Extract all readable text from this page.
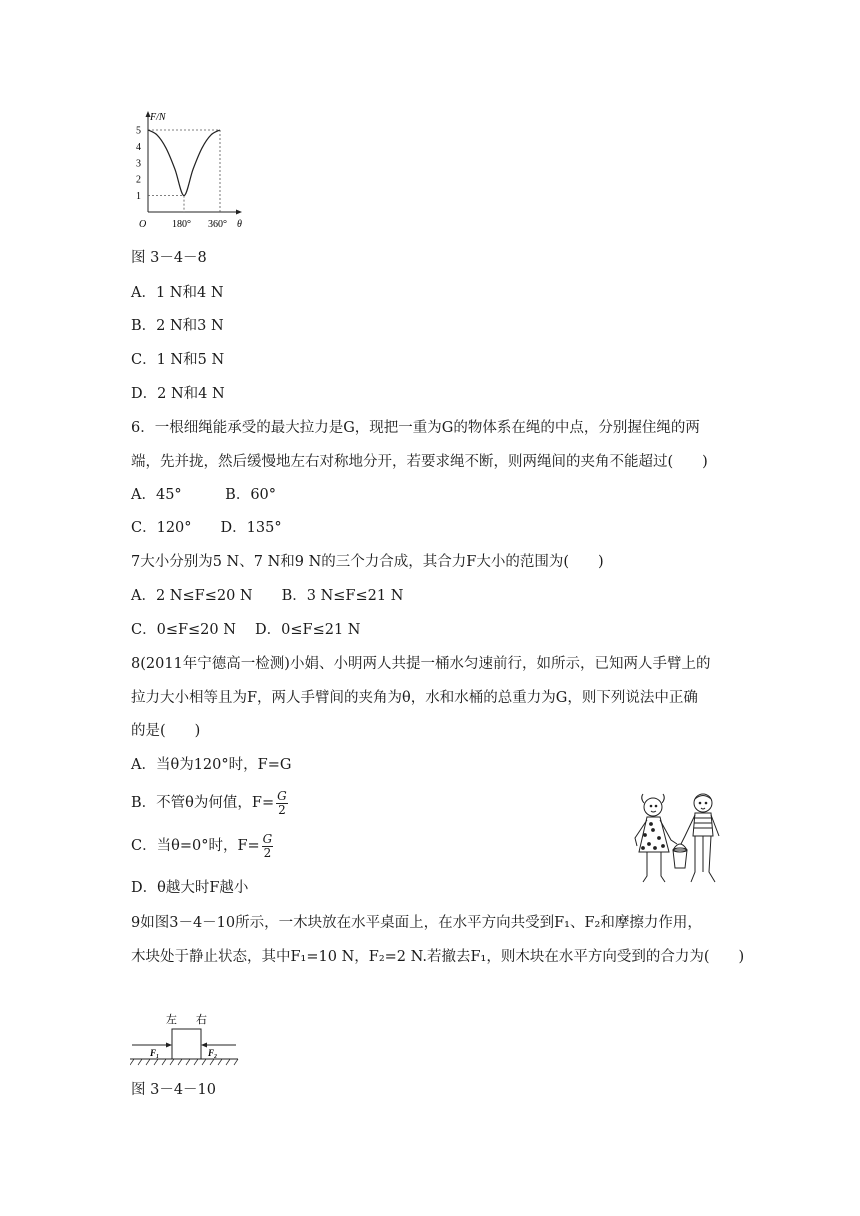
1
2
3
4
5
F/N
O	180° 360° θ
图 3－4－8
A．1 N和4 N
B．2 N和3 N
C．1 N和5 N
D．2 N和4 N
6．一根细绳能承受的最大拉力是G，现把一重为G的物体系在绳的中点，分别握住绳的两
端，先并拢，然后缓慢地左右对称地分开，若要求绳不断，则两绳间的夹角不能超过(　　)
A．45°　　　B．60°
C．120°　　D．135°
7大小分别为5 N、7 N和9 N的三个力合成，其合力F大小的范围为(　　)
A．2 N≤F≤20 N　　B．3 N≤F≤21 N
C．0≤F≤20 N　 D．0≤F≤21 N
8(2011年宁德高一检测)小娟、小明两人共提一桶水匀速前行，如所示，已知两人手臂上的
拉力大小相等且为F，两人手臂间的夹角为θ，水和水桶的总重力为G，则下列说法中正确
的是(　　)
A．当θ为120°时，F=G
B．不管θ为何值，$F= \frac{G}{2}$
C．当θ=0°时，$F= \frac{G}{2}$
D．θ越大时F越小
9如图3－4－10所示，一木块放在水平桌面上，在水平方向共受到F₁、F₂和摩擦力作用，
木块处于静止状态，其中F₁=10 N，F₂=2 N.若撤去F₁，则木块在水平方向受到的合力为(　　)
左 右
F₁	F₂
图 3－4－10
